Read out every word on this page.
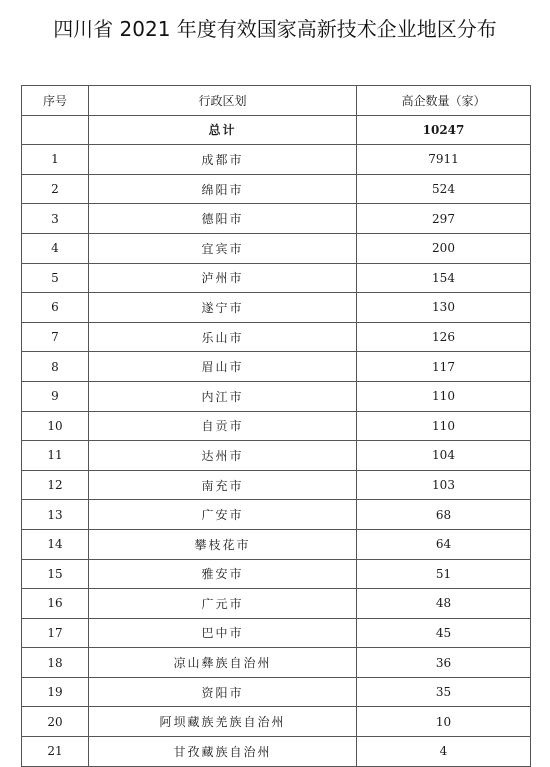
四川省 2021 年度有效国家高新技术企业地区分布
序号	行政区划	高企数量（家）
	总计	10247
1	成都市	7911
2	绵阳市	524
3	德阳市	297
4	宜宾市	200
5	泸州市	154
6	遂宁市	130
7	乐山市	126
8	眉山市	117
9	内江市	110
10	自贡市	110
11	达州市	104
12	南充市	103
13	广安市	68
14	攀枝花市	64
15	雅安市	51
16	广元市	48
17	巴中市	45
18	凉山彝族自治州	36
19	资阳市	35
20	阿坝藏族羌族自治州	10
21	甘孜藏族自治州	4
